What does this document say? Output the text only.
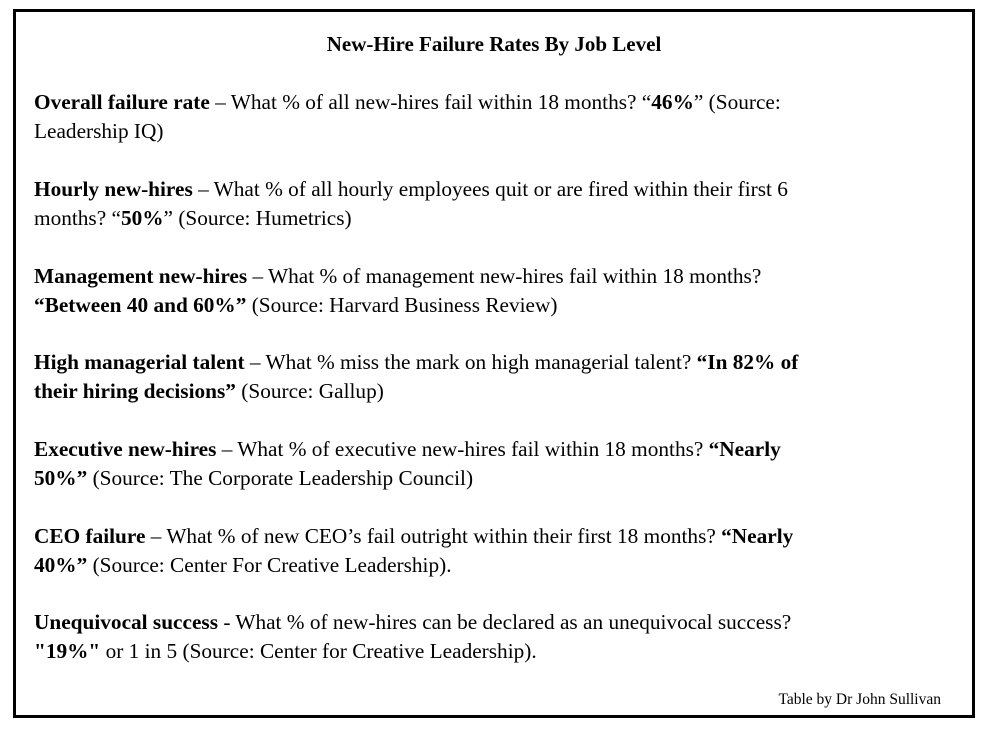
New-Hire Failure Rates By Job Level

Overall failure rate – What % of all new-hires fail within 18 months? “46%” (Source:
Leadership IQ)

Hourly new-hires – What % of all hourly employees quit or are fired within their first 6
months? “50%” (Source: Humetrics)

Management new-hires – What % of management new-hires fail within 18 months?
“Between 40 and 60%” (Source: Harvard Business Review)

High managerial talent – What % miss the mark on high managerial talent? “In 82% of
their hiring decisions” (Source: Gallup)

Executive new-hires – What % of executive new-hires fail within 18 months? “Nearly
50%” (Source: The Corporate Leadership Council)

CEO failure – What % of new CEO’s fail outright within their first 18 months? “Nearly
40%” (Source: Center For Creative Leadership).

Unequivocal success - What % of new-hires can be declared as an unequivocal success?
"19%" or 1 in 5 (Source: Center for Creative Leadership).

Table by Dr John Sullivan
